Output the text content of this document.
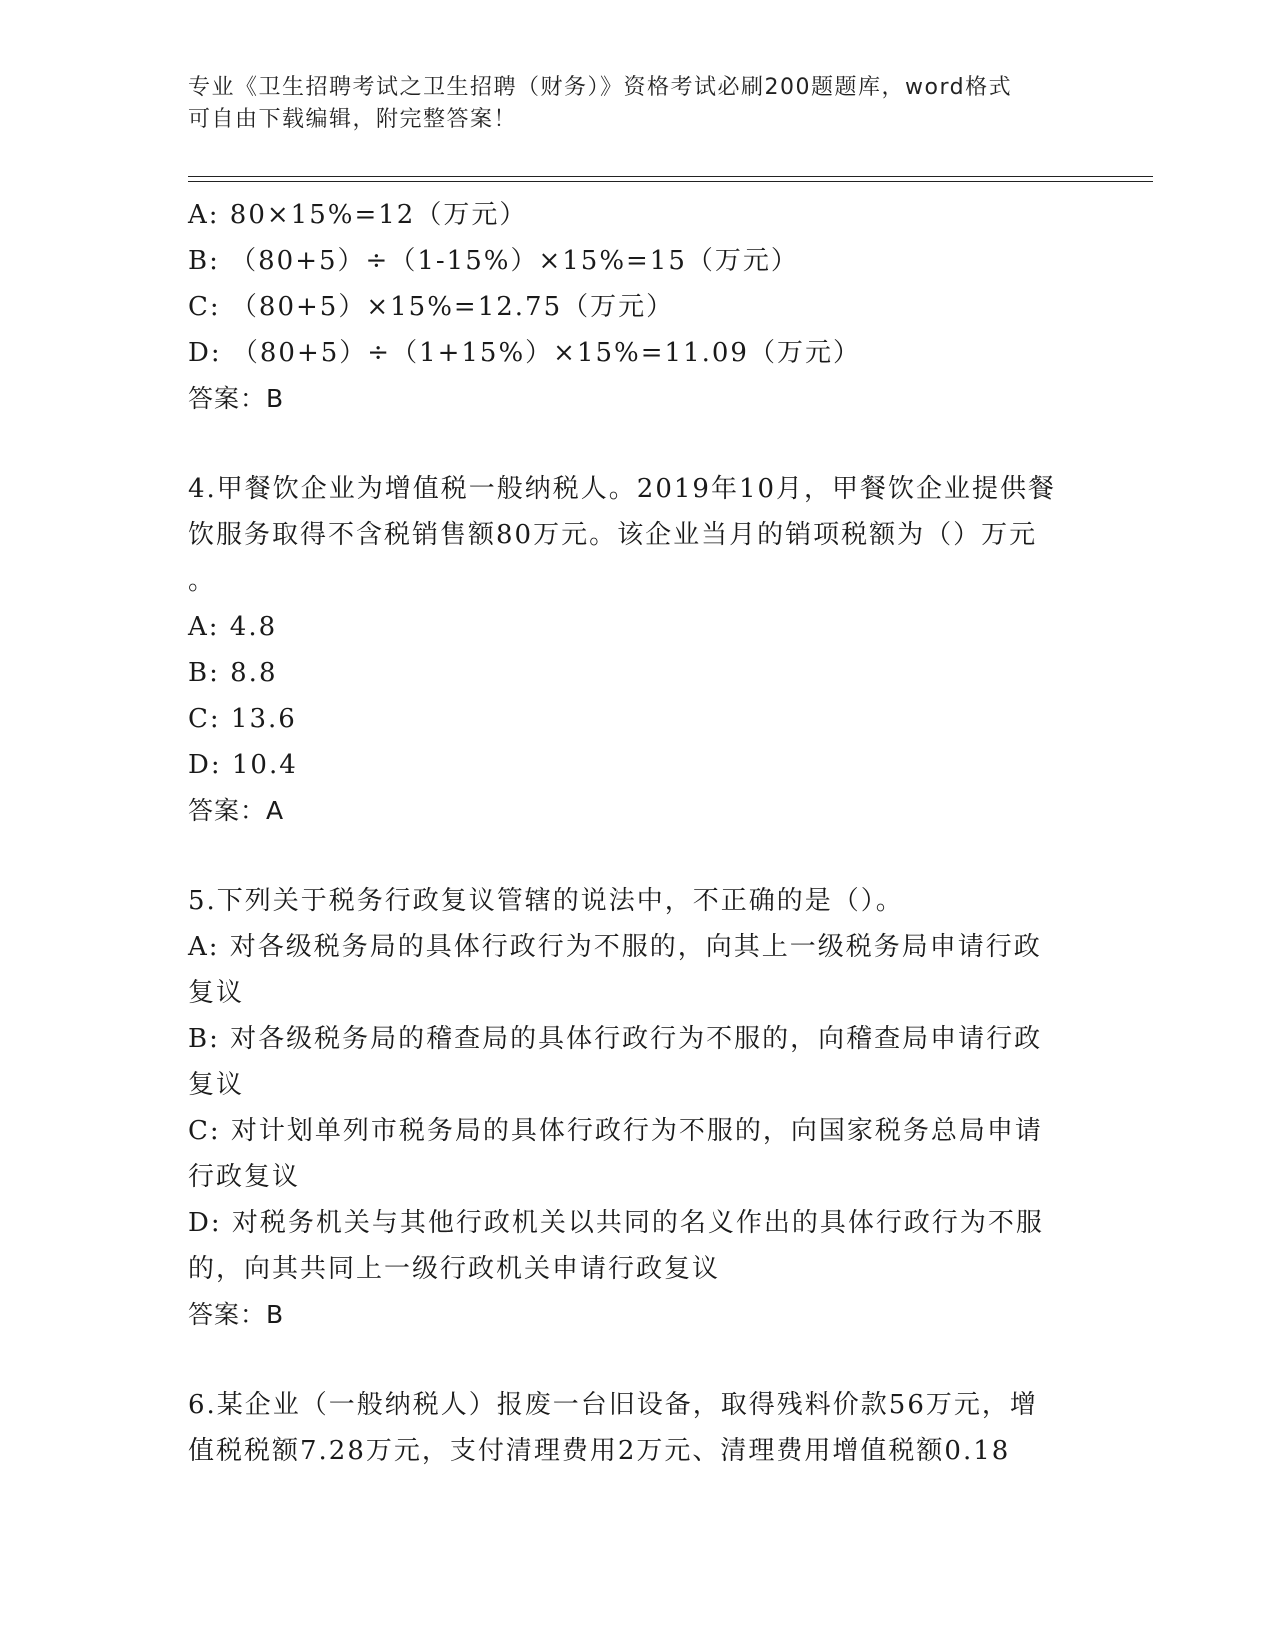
专业《卫生招聘考试之卫生招聘（财务）》资格考试必刷200题题库，word格式
可自由下载编辑，附完整答案！
A: 80×15%=12（万元）
B: （80+5）÷（1-15%）×15%=15（万元）
C: （80+5）×15%=12.75（万元）
D: （80+5）÷（1+15%）×15%=11.09（万元）
答案：B
4.甲餐饮企业为增值税一般纳税人。2019年10月，甲餐饮企业提供餐
饮服务取得不含税销售额80万元。该企业当月的销项税额为（）万元
。
A: 4.8
B: 8.8
C: 13.6
D: 10.4
答案：A
5.下列关于税务行政复议管辖的说法中，不正确的是（）。
A: 对各级税务局的具体行政行为不服的，向其上一级税务局申请行政
复议
B: 对各级税务局的稽查局的具体行政行为不服的，向稽查局申请行政
复议
C: 对计划单列市税务局的具体行政行为不服的，向国家税务总局申请
行政复议
D: 对税务机关与其他行政机关以共同的名义作出的具体行政行为不服
的，向其共同上一级行政机关申请行政复议
答案：B
6.某企业（一般纳税人）报废一台旧设备，取得残料价款56万元，增
值税税额7.28万元，支付清理费用2万元、清理费用增值税额0.18
